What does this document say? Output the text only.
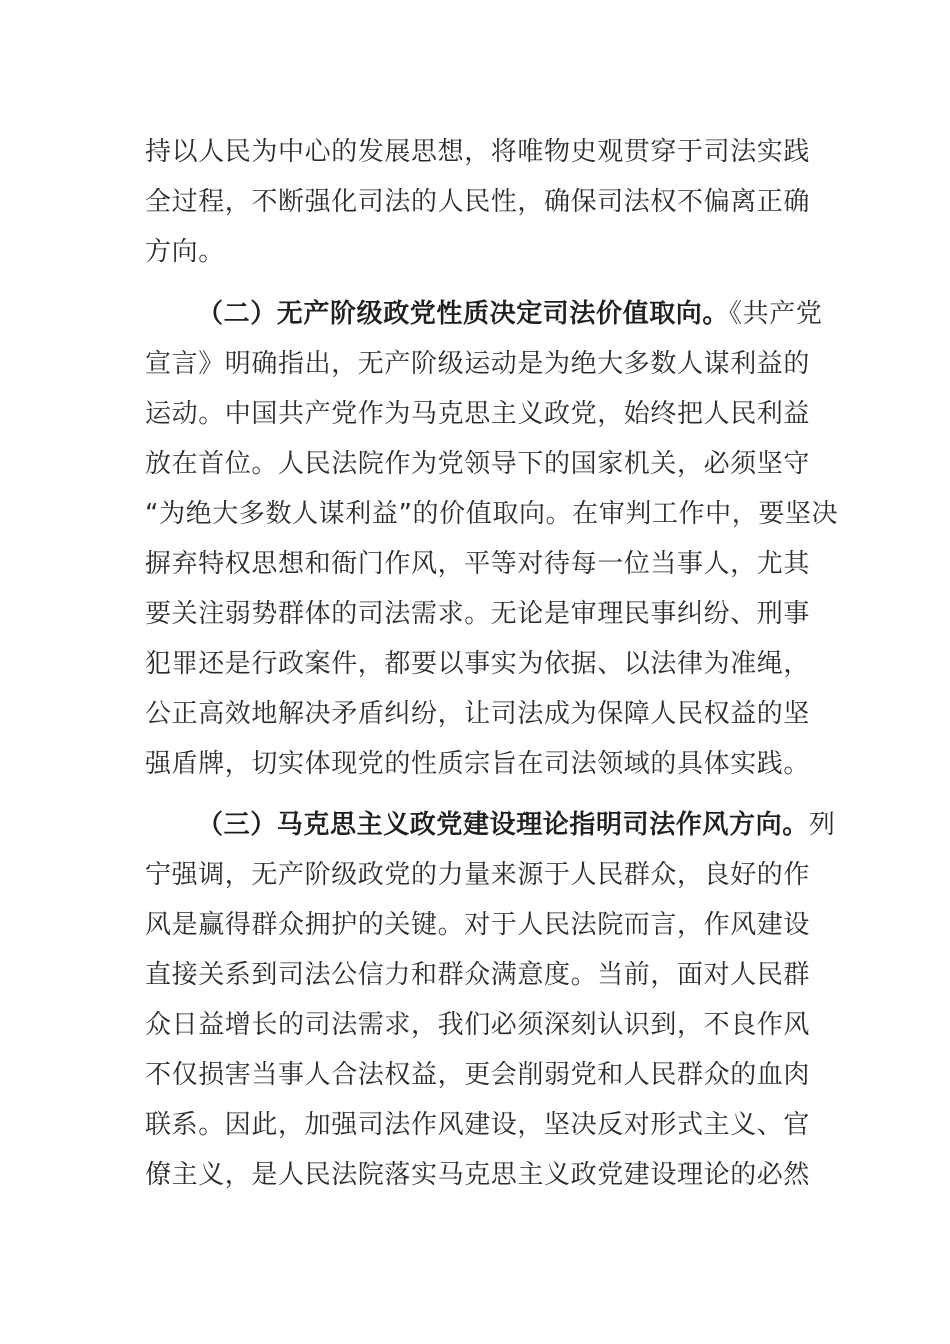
持以人民为中心的发展思想，将唯物史观贯穿于司法实践
全过程，不断强化司法的人民性，确保司法权不偏离正确
方向。
（二）无产阶级政党性质决定司法价值取向。《共产党
宣言》明确指出，无产阶级运动是为绝大多数人谋利益的
运动。中国共产党作为马克思主义政党，始终把人民利益
放在首位。人民法院作为党领导下的国家机关，必须坚守
“为绝大多数人谋利益”的价值取向。在审判工作中，要坚决
摒弃特权思想和衙门作风，平等对待每一位当事人，尤其
要关注弱势群体的司法需求。无论是审理民事纠纷、刑事
犯罪还是行政案件，都要以事实为依据、以法律为准绳，
公正高效地解决矛盾纠纷，让司法成为保障人民权益的坚
强盾牌，切实体现党的性质宗旨在司法领域的具体实践。
（三）马克思主义政党建设理论指明司法作风方向。列
宁强调，无产阶级政党的力量来源于人民群众，良好的作
风是赢得群众拥护的关键。对于人民法院而言，作风建设
直接关系到司法公信力和群众满意度。当前，面对人民群
众日益增长的司法需求，我们必须深刻认识到，不良作风
不仅损害当事人合法权益，更会削弱党和人民群众的血肉
联系。因此，加强司法作风建设，坚决反对形式主义、官
僚主义，是人民法院落实马克思主义政党建设理论的必然
